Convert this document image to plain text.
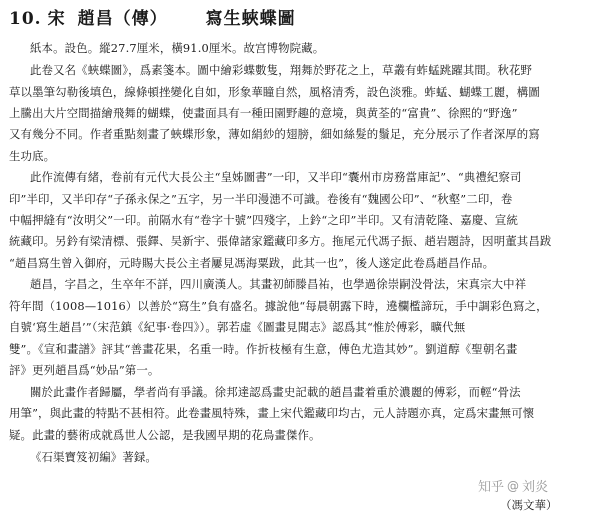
10. 宋 趙昌（傳） 寫生蛺蝶圖
紙本。設色。縱27.7厘米，橫91.0厘米。故宫博物院藏。
此卷又名《蛺蝶圖》，爲素箋本。圖中繪彩蝶數隻，翔舞於野花之上，草叢有蚱蜢跳躍其間。秋花野
草以墨筆勾勒後填色，線條頓挫變化自如，形象華瞳自然，風格清秀，設色淡雅。蚱蜢、蝴蝶工麗，構圖
上騰出大片空間描繪飛舞的蝴蝶，使畫面具有一種田園野趣的意境，與黄荃的“富貴”、徐熙的“野逸”
又有幾分不同。作者重點刻畫了蛺蝶形象，薄如絹紗的翅膀，細如絲髮的鬚足，充分展示了作者深厚的寫
生功底。
此作流傳有緒，卷前有元代大長公主“皇姊圖書”一印，又半印“囊州市房務當庫記”、“典禮紀察司
印”半印，又半印存“子孫永保之”五字，另一半印漫漶不可識。卷後有“魏國公印”、“秋壑”二印，卷
中幅押縫有“汝明父”一印。前隔水有“卷字十號”四殘字，上鈐“之印”半印。又有清乾隆、嘉慶、宣統
統藏印。另鈐有梁清標、張鐸、吴新宇、張偉諸家鑑藏印多方。拖尾元代馮子振、趙岩題詩，因明董其昌跋
“趙昌寫生曾入御府，元時賜大長公主者屢見馮海粟跋，此其一也”，後人遂定此卷爲趙昌作品。
趙昌，字昌之，生卒年不詳，四川廣漢人。其畫初師滕昌祐，也學過徐崇嗣没骨法，宋真宗大中祥
符年間（1008—1016）以善於“寫生”負有盛名。據說他“每晨朝露下時，遶欄檻諦玩，手中調彩色寫之，
自號‘寫生趙昌’”（宋范鎮《紀事·卷四》）。郭若虛《圖畫見聞志》認爲其“惟於傅彩，曠代無
雙”。《宣和畫譜》評其“善畫花果，名重一時。作折枝極有生意，傅色尤造其妙”。劉道醇《聖朝名畫
評》更列趙昌爲“妙品”第一。
關於此畫作者歸屬，學者尚有爭議。徐邦達認爲畫史記載的趙昌畫着重於濃麗的傅彩，而輕“骨法
用筆”，與此畫的特點不甚相符。此卷畫風特殊，畫上宋代鑑藏印均古，元人詩題亦真，定爲宋畫無可懷
疑。此畫的藝術成就爲世人公認，是我國早期的花鳥畫傑作。
《石渠寶笈初編》著録。
知乎 @ 刘炎
（馮文華）
